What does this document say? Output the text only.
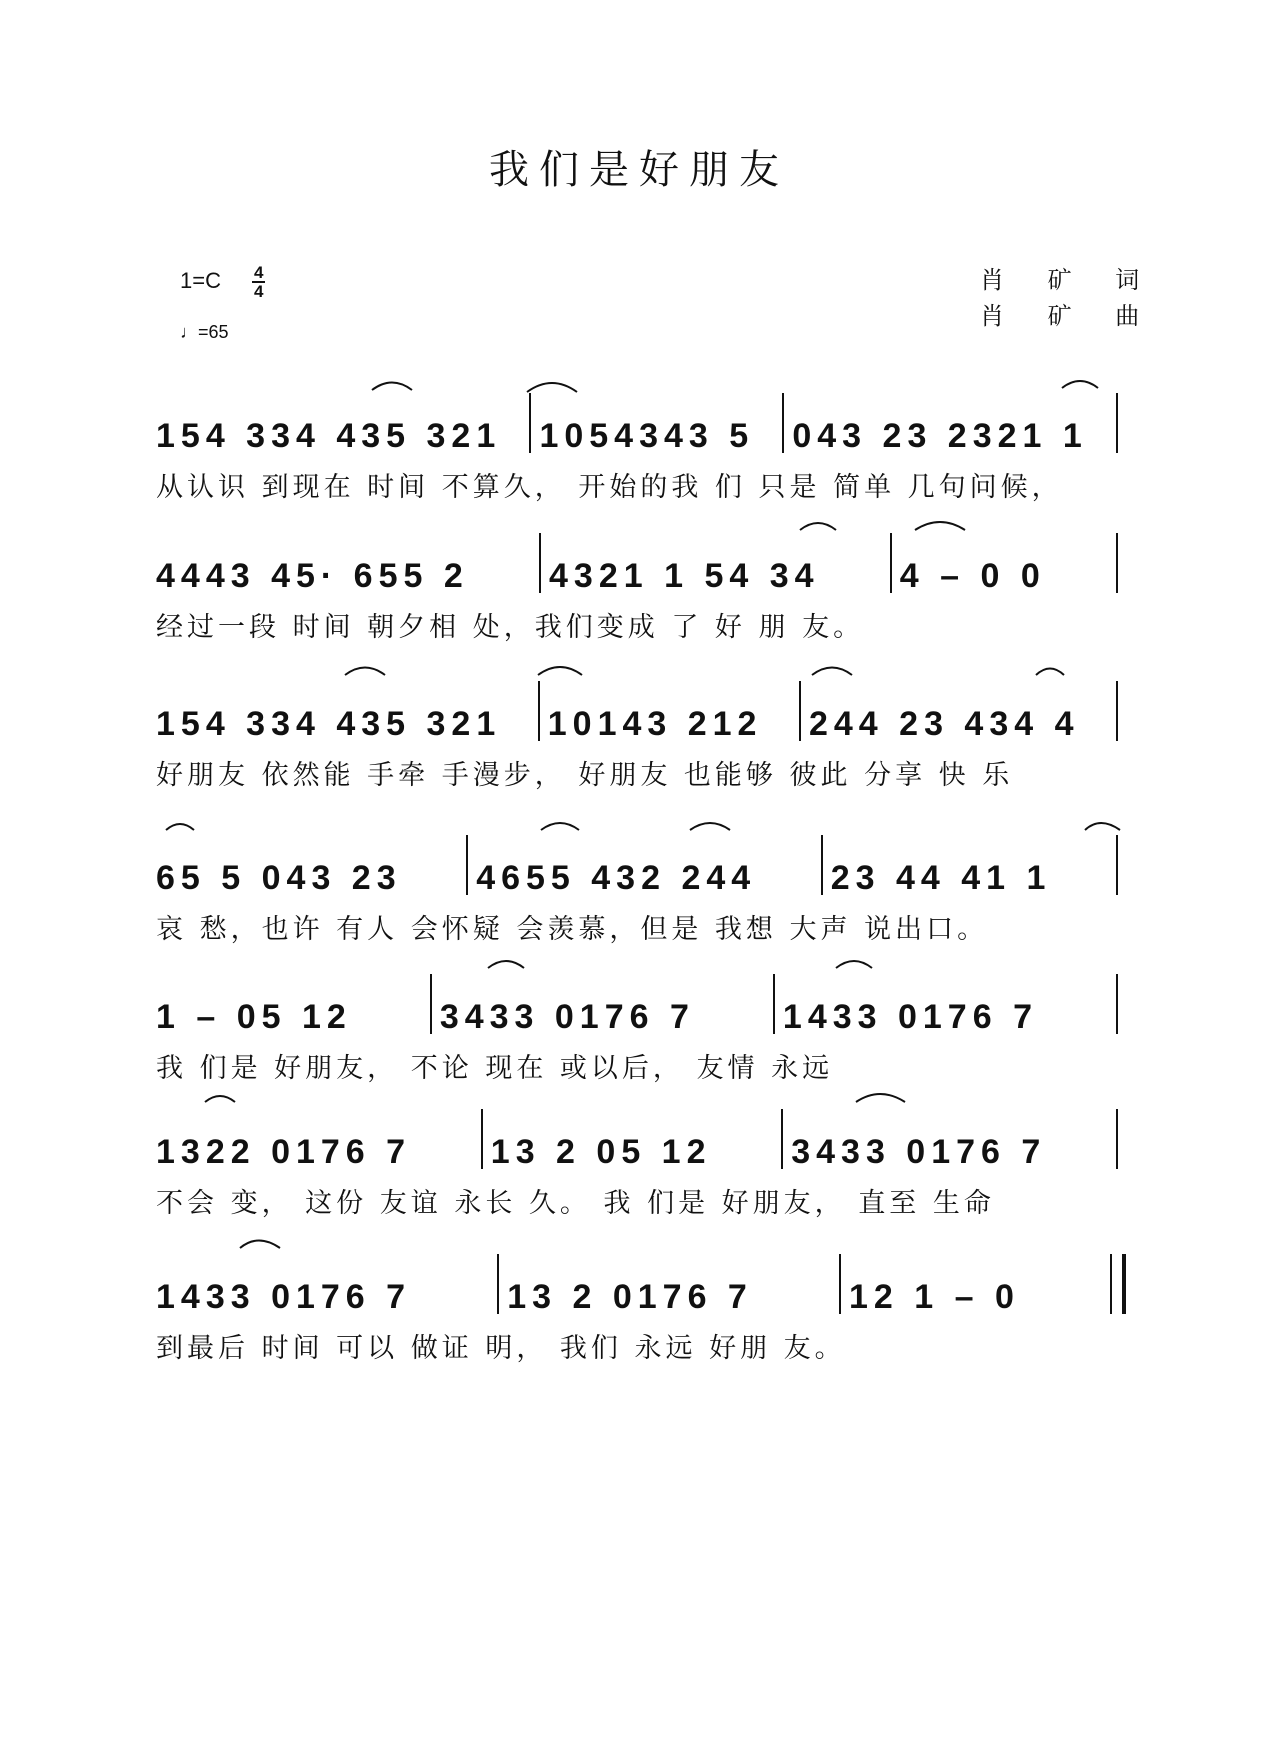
我们是好朋友
$1=C \frac{4}{4}$
♩=65
肖 矿 词
肖 矿 曲
154 334 435 321	1054343 5	043 23 2321 1
从认识 到现在 时间 不算久， 开始的我 们 只是 简单 几句问候，
4443 45· 655 2	4321 1 54 34	4 – 0 0
经过一段 时间 朝夕相 处，我们变成 了 好 朋 友。
154 334 435 321	10143 212	244 23 434 4
好朋友 依然能 手牵 手漫步， 好朋友 也能够 彼此 分享 快 乐
65 5 043 23	4655 432 244	23 44 41 1
哀 愁，也许 有人 会怀疑 会羡慕，但是 我想 大声 说出口。
1 – 05 12	3433 0176 7	1433 0176 7
我 们是 好朋友， 不论 现在 或以后， 友情 永远
1322 0176 7	13 2 05 12	3433 0176 7
不会 变， 这份 友谊 永长 久。 我 们是 好朋友， 直至 生命
1433 0176 7	13 2 0176 7	12 1 – 0
到最后 时间 可以 做证 明， 我们 永远 好朋 友。
